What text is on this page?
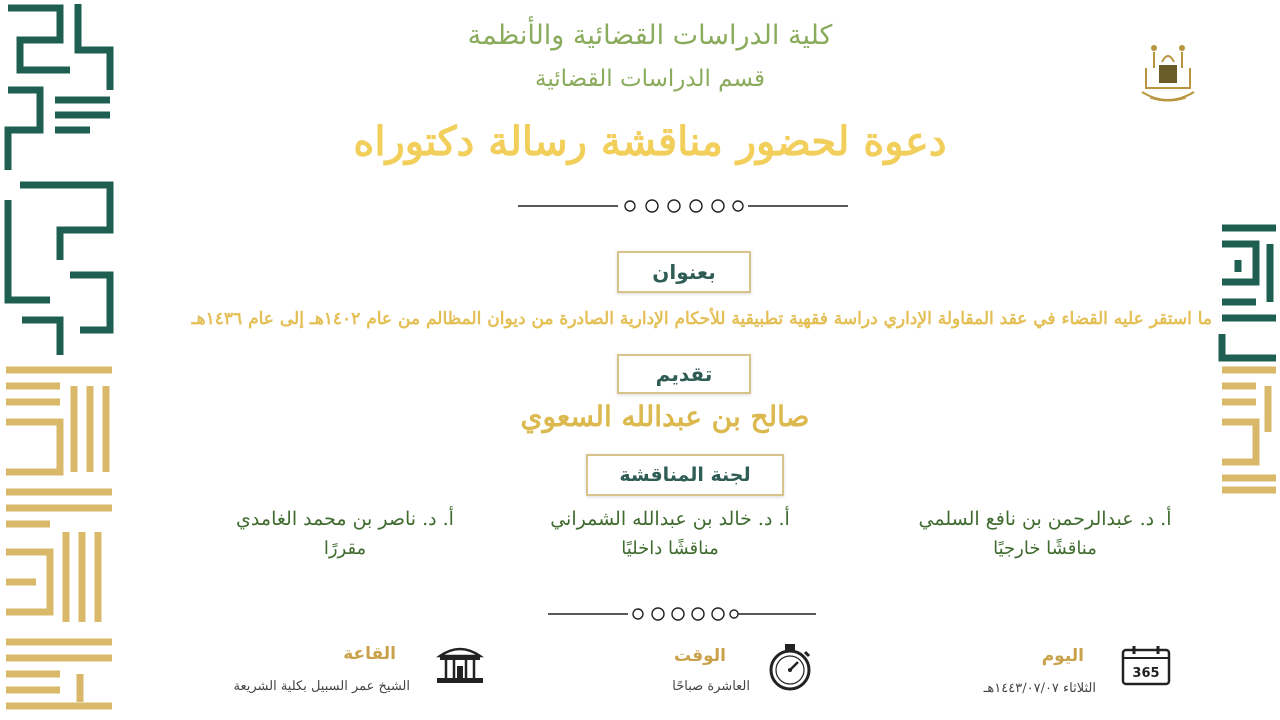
كلية الدراسات القضائية والأنظمة
قسم الدراسات القضائية
دعوة لحضور مناقشة رسالة دكتوراه
بعنوان
ما استقر عليه القضاء في عقد المقاولة الإداري دراسة فقهية تطبيقية للأحكام الإدارية الصادرة من ديوان المظالم من عام ١٤٠٢هـ إلى عام ١٤٣٦هـ
تقديم
صالح بن عبدالله السعوي
لجنة المناقشة
أ. د. عبدالرحمن بن نافع السلمي
مناقشًا خارجيًا
أ. د. خالد بن عبدالله الشمراني
مناقشًا داخليًا
أ. د. ناصر بن محمد الغامدي
مقررًا
365
اليوم
الثلاثاء ١٤٤٣/٠٧/٠٧هـ
الوقت
العاشرة صباحًا
القاعة
الشيخ عمر السبيل بكلية الشريعة
